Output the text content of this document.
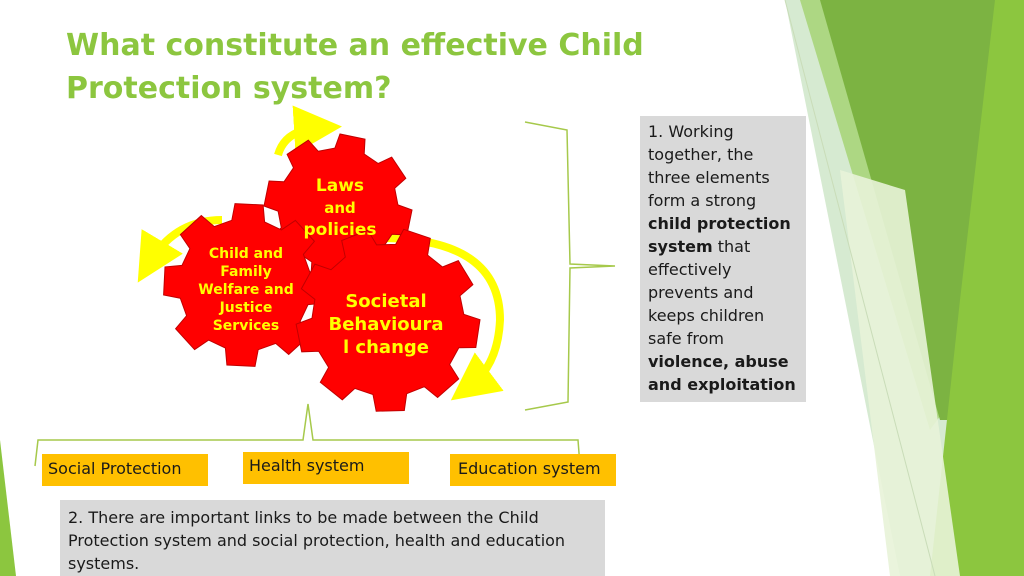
What constitute an effective Child Protection system?
Laws
and
policies
Child and
Family
Welfare and
Justice
Services
Societal
Behavioura
l change
1. Working together, the three elements form a strong child protection system that effectively prevents and keeps children safe from violence, abuse and exploitation
Social Protection	Health system	Education system
2. There are important links to be made between the Child Protection system and social protection, health and education systems.
